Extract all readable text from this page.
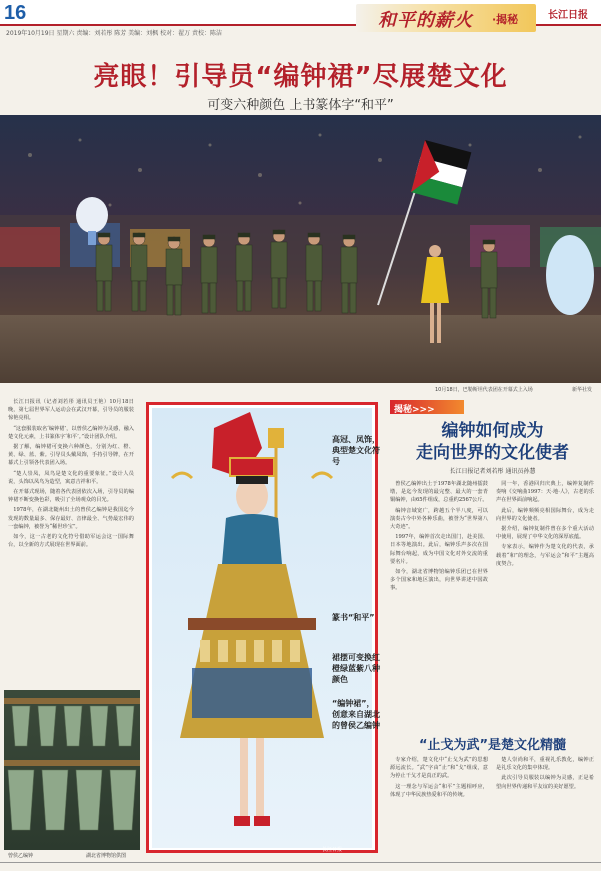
16	和平的薪火 ·揭秘	长江日报
2019年10月19日 星期六 责编：刘若彤 陈芳 美编：刘枫 校对：翟万 责校：陈洁
亮眼！引导员“编钟裙”尽展楚文化
可变六种颜色 上书篆体字“和平”
10月18日，巴勒斯坦代表团在开幕式上入场	新华社发

长江日报讯（记者刘若彤 通讯员王艳）10月18日晚，第七届世界军人运动会在武汉开幕，引导员的服装惊艳亮相。

“这套服装取名‘编钟裙’，以曾侯乙编钟为灵感，融入楚文化元素，上书篆体字‘和平’。”设计团队介绍。

据了解，编钟裙可变换六种颜色，分别为红、橙、黄、绿、蓝、紫。引导员头戴凤饰，手持引导牌，在开幕式上引领各代表团入场。

“楚人崇凤，凤鸟是楚文化的重要象征。”设计人员说，头饰以凤鸟为造型，寓意吉祥和平。

在开幕式现场，随着各代表团依次入场，引导员的编钟裙不断变换色彩，吸引了全场观众的目光。

1978年，在湖北随州出土的曾侯乙编钟是我国迄今发现的数量最多、保存最好、音律最全、气势最宏伟的一套编钟，被誉为“稀世珍宝”。

如今，这一古老的文化符号借助军运会这一国际舞台，以全新的方式展现在世界面前。

曾侯乙编钟	湖北省博物馆供图
高冠、凤饰，典型楚文化符号
篆书“和平”
裙摆可变换红橙绿蓝紫八种颜色
“编钟裙”，创意来自湖北的曾侯乙编钟
长江日报
揭秘>>>
编钟如何成为
走向世界的文化使者
长江日报记者刘若彤 通讯员孙慧

曾侯乙编钟出土于1978年湖北随州擂鼓墩，是迄今发现的最完整、最大的一套青铜编钟，由65件组成，总重约2567公斤。

编钟音域宽广，跨越五个半八度，可以演奏古今中外各种乐曲，被誉为“世界第八大奇迹”。

1997年，编钟首次走出国门，赴美国、日本等地演出。此后，编钟乐声多次在国际舞台响起，成为中国文化对外交流的重要名片。

如今，湖北省博物馆编钟乐团已在世界多个国家和地区演出，向世界讲述中国故事。

同一年，香港回归庆典上，编钟复制件奏响《交响曲1997：天·地·人》，古老的乐声在世界面前响起。

此后，编钟频频亮相国际舞台，成为走向世界的文化使者。

据介绍，编钟复制件曾在多个重大活动中使用，展现了中华文化的深厚底蕴。

专家表示，编钟作为楚文化的代表，承载着“和”的理念，与军运会“和平”主题高度契合。

“止戈为武”是楚文化精髓

专家介绍，楚文化中“止戈为武”的思想源远流长。“武”字由“止”和“戈”组成，意为停止干戈才是真正的武。

这一理念与军运会“和平”主题相呼应，体现了中华民族热爱和平的传统。

楚人崇尚和平，重视礼乐教化，编钟正是礼乐文化的集中体现。

此次引导员服装以编钟为灵感，正是希望向世界传递和平友谊的美好愿望。
